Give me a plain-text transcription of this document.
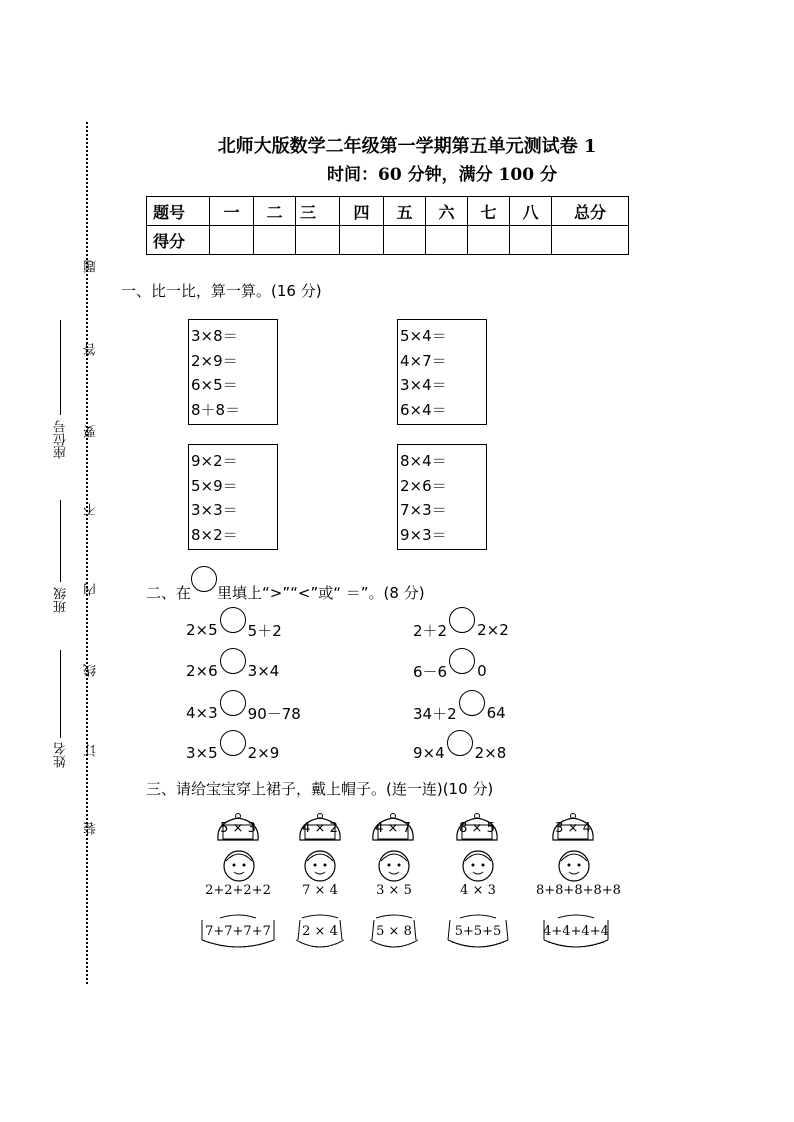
北师大版数学二年级第一学期第五单元测试卷 1
时间：60 分钟，满分 100 分
题号	一	二	三	四	五	六	七	八	总分
得分									
题
答
要
不
内
线
订
装
座位号
班级
姓名
一、比一比，算一算。(16 分)
3×8＝
2×9＝
6×5＝
8＋8＝
5×4＝
4×7＝
3×4＝
6×4＝
9×2＝
5×9＝
3×3＝
8×2＝
8×4＝
2×6＝
7×3＝
9×3＝
二、在 里填上“>”“<”或“ ＝”。(8 分)
2×5 5＋2	2＋2 2×2
2×6 3×4	6－6 0
4×3 90－78	34＋2 64
3×5 2×9	9×4 2×8
三、请给宝宝穿上裙子，戴上帽子。(连一连)(10 分)
5 × 3	4 × 2	4 × 7	8 × 5	3 × 4
2+2+2+2	7 × 4	3 × 5	4 × 3	8+8+8+8+8
7+7+7+7	2 × 4	5 × 8	5+5+5	4+4+4+4
